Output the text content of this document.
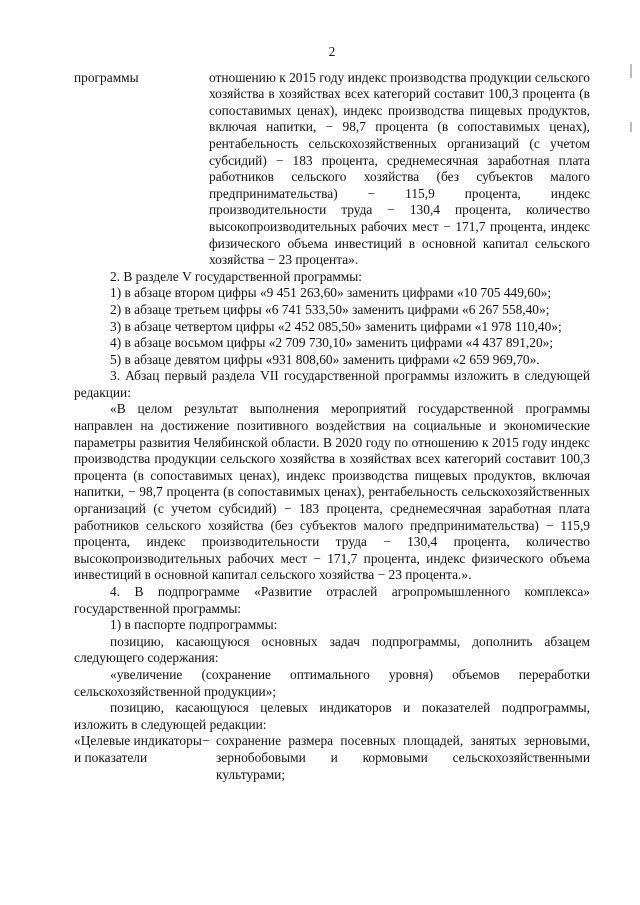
2
программы	отношению к 2015 году индекс производства продукции сельского хозяйства в хозяйствах всех категорий составит 100,3 процента (в сопоставимых ценах), индекс производства пищевых продуктов, включая напитки, − 98,7 процента (в сопоставимых ценах), рентабельность сельскохозяйственных организаций (с учетом субсидий) − 183 процента, среднемесячная заработная плата работников сельского хозяйства (без субъектов малого предпринимательства) − 115,9 процента, индекс производительности труда − 130,4 процента, количество высокопроизводительных рабочих мест − 171,7 процента, индекс физического объема инвестиций в основной капитал сельского хозяйства − 23 процента».

2. В разделе V государственной программы:

1) в абзаце втором цифры «9 451 263,60» заменить цифрами «10 705 449,60»;

2) в абзаце третьем цифры «6 741 533,50» заменить цифрами «6 267 558,40»;

3) в абзаце четвертом цифры «2 452 085,50» заменить цифрами «1 978 110,40»;

4) в абзаце восьмом цифры «2 709 730,10» заменить цифрами «4 437 891,20»;

5) в абзаце девятом цифры «931 808,60» заменить цифрами «2 659 969,70».

3. Абзац первый раздела VII государственной программы изложить в следующей редакции:

«В целом результат выполнения мероприятий государственной программы направлен на достижение позитивного воздействия на социальные и экономические параметры развития Челябинской области. В 2020 году по отношению к 2015 году индекс производства продукции сельского хозяйства в хозяйствах всех категорий составит 100,3 процента (в сопоставимых ценах), индекс производства пищевых продуктов, включая напитки, − 98,7 процента (в сопоставимых ценах), рентабельность сельскохозяйственных организаций (с учетом субсидий) − 183 процента, среднемесячная заработная плата работников сельского хозяйства (без субъектов малого предпринимательства) − 115,9 процента, индекс производительности труда − 130,4 процента, количество высокопроизводительных рабочих мест − 171,7 процента, индекс физического объема инвестиций в основной капитал сельского хозяйства − 23 процента.».

4. В подпрограмме «Развитие отраслей агропромышленного комплекса» государственной программы:

1) в паспорте подпрограммы:

позицию, касающуюся основных задач подпрограммы, дополнить абзацем следующего содержания:

«увеличение (сохранение оптимального уровня) объемов переработки сельскохозяйственной продукции»;

позицию, касающуюся целевых индикаторов и показателей подпрограммы, изложить в следующей редакции:

«Целевые индикаторы и показатели
− сохранение размера посевных площадей, занятых зерновыми, зернобобовыми и кормовыми сельскохозяйственными культурами;
